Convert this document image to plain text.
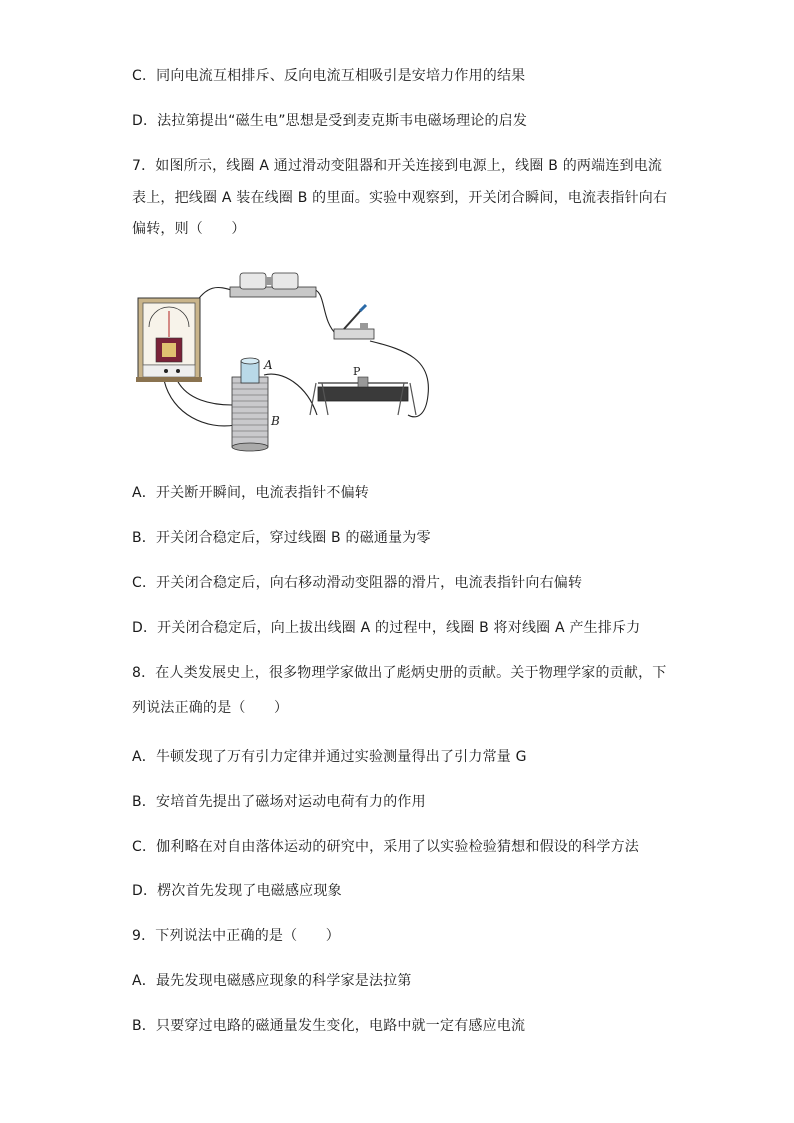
C．同向电流互相排斥、反向电流互相吸引是安培力作用的结果
D．法拉第提出“磁生电”思想是受到麦克斯韦电磁场理论的启发
7．如图所示，线圈 A 通过滑动变阻器和开关连接到电源上，线圈 B 的两端连到电流
表上，把线圈 A 装在线圈 B 的里面。实验中观察到，开关闭合瞬间，电流表指针向右
偏转，则（　　）
A
B
P
A．开关断开瞬间，电流表指针不偏转
B．开关闭合稳定后，穿过线圈 B 的磁通量为零
C．开关闭合稳定后，向右移动滑动变阻器的滑片，电流表指针向右偏转
D．开关闭合稳定后，向上拔出线圈 A 的过程中，线圈 B 将对线圈 A 产生排斥力
8．在人类发展史上，很多物理学家做出了彪炳史册的贡献。关于物理学家的贡献，下
列说法正确的是（　　）
A．牛顿发现了万有引力定律并通过实验测量得出了引力常量 G
B．安培首先提出了磁场对运动电荷有力的作用
C．伽利略在对自由落体运动的研究中，采用了以实验检验猜想和假设的科学方法
D．楞次首先发现了电磁感应现象
9．下列说法中正确的是（　　）
A．最先发现电磁感应现象的科学家是法拉第
B．只要穿过电路的磁通量发生变化，电路中就一定有感应电流
